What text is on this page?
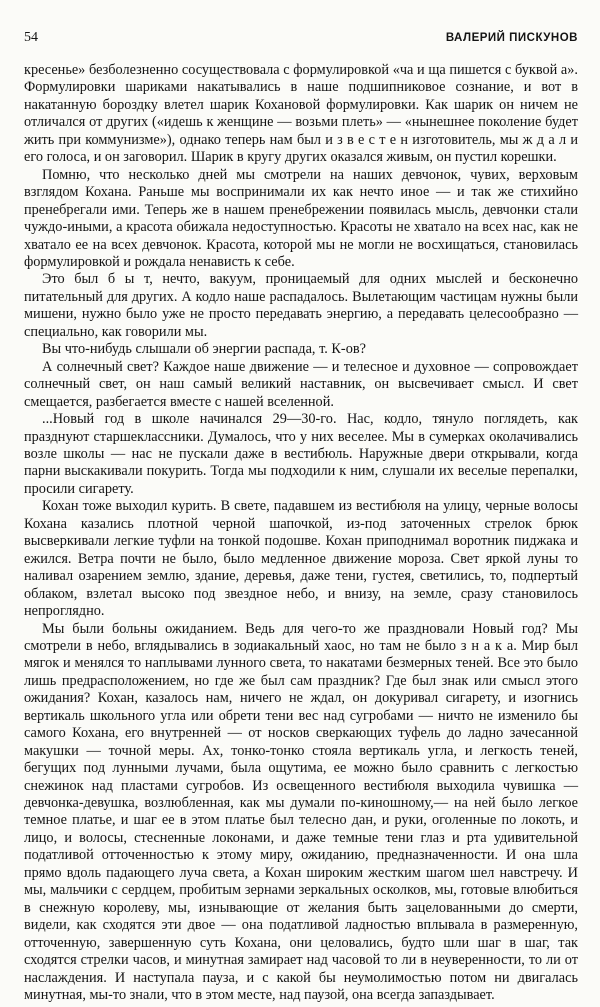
54	ВАЛЕРИЙ ПИСКУНОВ

кресенье» безболезненно сосуществовала с формулировкой «ча и ща пишется с буквой а». Формулировки шариками накатывались в наше подшипниковое сознание, и вот в накатанную бороздку влетел шарик Кохановой формулировки. Как шарик он ничем не отличался от других («идешь к женщине — возьми плеть» — «нынешнее поколение будет жить при коммунизме»), однако теперь нам был и з в е с т е н изготовитель, мы ж д а л и его голоса, и он заговорил. Шарик в кругу других оказался живым, он пустил корешки.

Помню, что несколько дней мы смотрели на наших девчонок, чувих, верховым взглядом Кохана. Раньше мы воспринимали их как нечто иное — и так же стихийно пренебрегали ими. Теперь же в нашем пренебрежении появилась мысль, девчонки стали чуждо-иными, а красота обижала недоступностью. Красоты не хватало на всех нас, как не хватало ее на всех девчонок. Красота, которой мы не могли не восхищаться, становилась формулировкой и рождала ненависть к себе.

Это был б ы т, нечто, вакуум, проницаемый для одних мыслей и бесконечно питательный для других. А кодло наше распадалось. Вылетающим частицам нужны были мишени, нужно было уже не просто передавать энергию, а передавать целесообразно — специально, как говорили мы.

Вы что-нибудь слышали об энергии распада, т. К-ов?

А солнечный свет? Каждое наше движение — и телесное и духовное — сопровождает солнечный свет, он наш самый великий наставник, он высвечивает смысл. И свет смещается, разбегается вместе с нашей вселенной.

...Новый год в школе начинался 29—30-го. Нас, кодло, тянуло поглядеть, как празднуют старшеклассники. Думалось, что у них веселее. Мы в сумерках околачивались возле школы — нас не пускали даже в вестибюль. Наружные двери открывали, когда парни выскакивали покурить. Тогда мы подходили к ним, слушали их веселые перепалки, просили сигарету.

Кохан тоже выходил курить. В свете, падавшем из вестибюля на улицу, черные волосы Кохана казались плотной черной шапочкой, из-под заточенных стрелок брюк высверкивали легкие туфли на тонкой подошве. Кохан приподнимал воротник пиджака и ежился. Ветра почти не было, было медленное движение мороза. Свет яркой луны то наливал озарением землю, здание, деревья, даже тени, густея, светились, то, подпертый облаком, взлетал высоко под звездное небо, и внизу, на земле, сразу становилось непроглядно.

Мы были больны ожиданием. Ведь для чего-то же праздновали Новый год? Мы смотрели в небо, вглядывались в зодиакальный хаос, но там не было з н а к а. Мир был мягок и менялся то наплывами лунного света, то накатами безмерных теней. Все это было лишь предрасположением, но где же был сам праздник? Где был знак или смысл этого ожидания? Кохан, казалось нам, ничего не ждал, он докуривал сигарету, и изогнись вертикаль школьного угла или обрети тени вес над сугробами — ничто не изменило бы самого Кохана, его внутренней — от носков сверкающих туфель до ладно зачесанной макушки — точной меры. Ах, тонко-тонко стояла вертикаль угла, и легкость теней, бегущих под лунными лучами, была ощутима, ее можно было сравнить с легкостью снежинок над пластами сугробов. Из освещенного вестибюля выходила чувишка — девчонка-девушка, возлюбленная, как мы думали по-киношному,— на ней было легкое темное платье, и шаг ее в этом платье был телесно дан, и руки, оголенные по локоть, и лицо, и волосы, стесненные локонами, и даже темные тени глаз и рта удивительной податливой отточенностью к этому миру, ожиданию, предназначенности. И она шла прямо вдоль падающего луча света, а Кохан широким жестким шагом шел навстречу. И мы, мальчики с сердцем, пробитым зернами зеркальных осколков, мы, готовые влюбиться в снежную королеву, мы, изнывающие от желания быть зацелованными до смерти, видели, как сходятся эти двое — она податливой ладностью вплывала в размеренную, отточенную, завершенную суть Кохана, они целовались, будто шли шаг в шаг, так сходятся стрелки часов, и минутная замирает над часовой то ли в неуверенности, то ли от наслаждения. И наступала пауза, и с какой бы неумолимостью потом ни двигалась минутная, мы-то знали, что в этом месте, над паузой, она всегда запаздывает.
